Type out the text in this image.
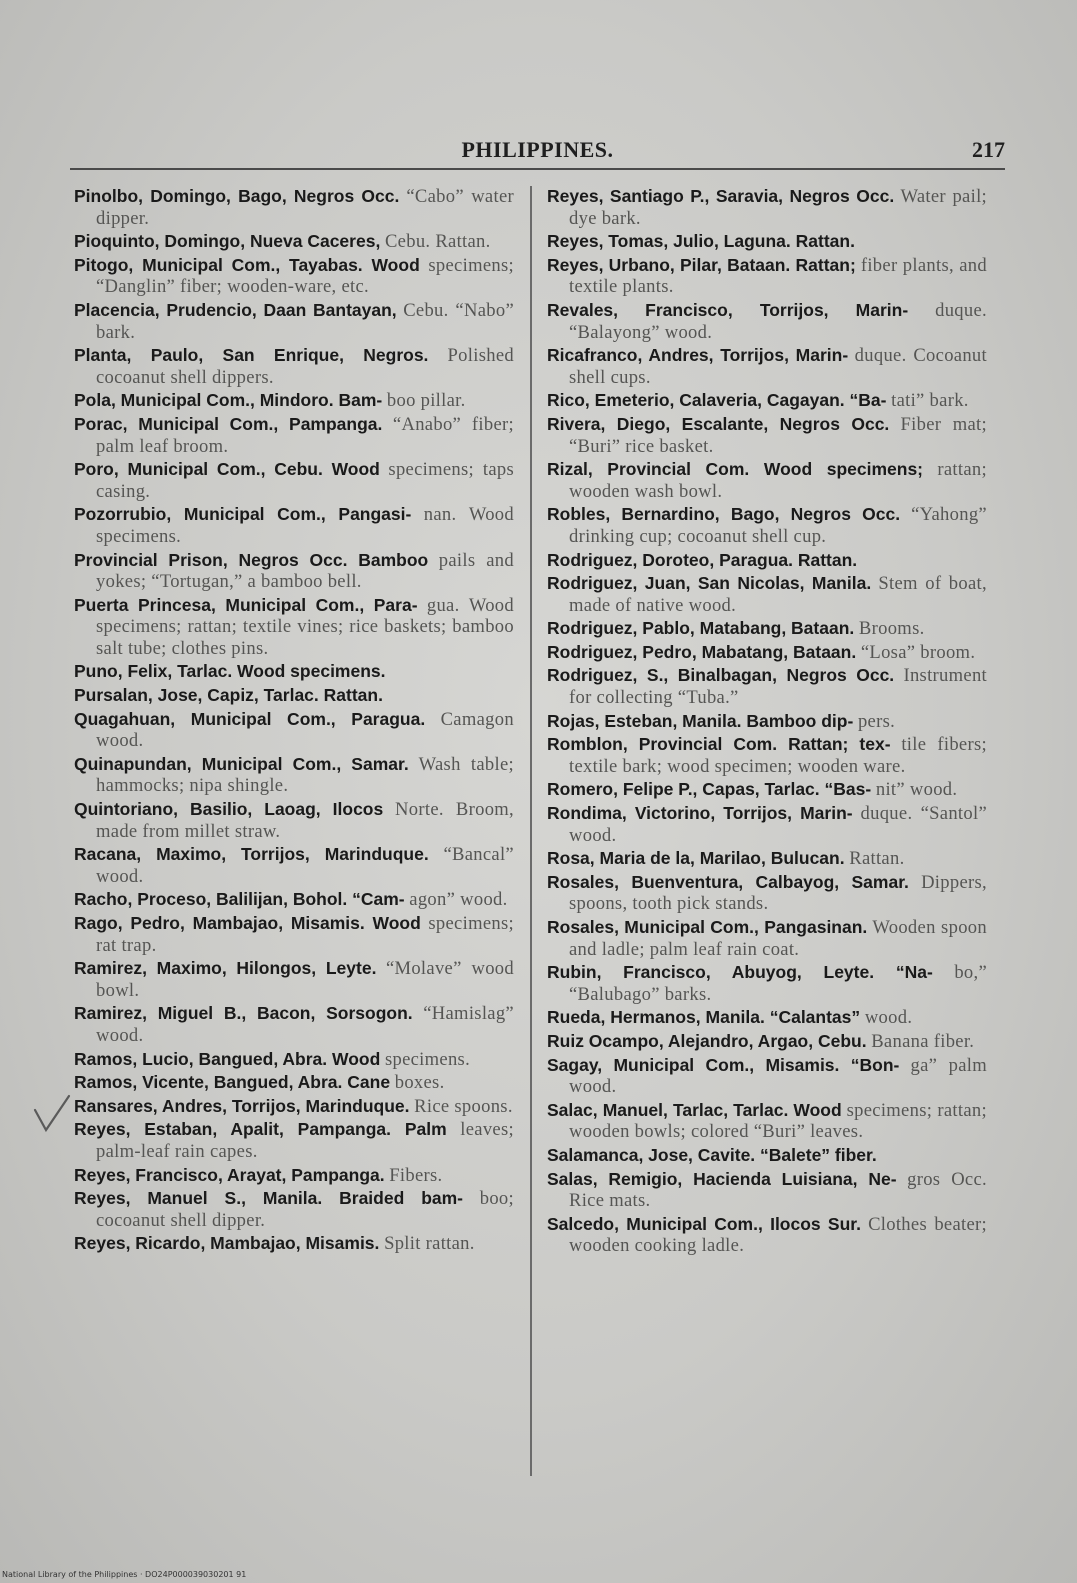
PHILIPPINES.	217

Pinolbo, Domingo, Bago, Negros Occ. “Cabo” water dipper.

Pioquinto, Domingo, Nueva Caceres, Cebu. Rattan.

Pitogo, Municipal Com., Tayabas. Wood specimens; “Danglin” fiber; wooden-ware, etc.

Placencia, Prudencio, Daan Bantayan, Cebu. “Nabo” bark.

Planta, Paulo, San Enrique, Negros. Polished cocoanut shell dippers.

Pola, Municipal Com., Mindoro. Bam- boo pillar.

Porac, Municipal Com., Pampanga. “Anabo” fiber; palm leaf broom.

Poro, Municipal Com., Cebu. Wood specimens; taps casing.

Pozorrubio, Municipal Com., Pangasi- nan. Wood specimens.

Provincial Prison, Negros Occ. Bamboo pails and yokes; “Tortugan,” a bamboo bell.

Puerta Princesa, Municipal Com., Para- gua. Wood specimens; rattan; textile vines; rice baskets; bamboo salt tube; clothes pins.

Puno, Felix, Tarlac. Wood specimens.

Pursalan, Jose, Capiz, Tarlac. Rattan.

Quagahuan, Municipal Com., Paragua. Camagon wood.

Quinapundan, Municipal Com., Samar. Wash table; hammocks; nipa shingle.

Quintoriano, Basilio, Laoag, Ilocos Norte. Broom, made from millet straw.

Racana, Maximo, Torrijos, Marinduque. “Bancal” wood.

Racho, Proceso, Balilijan, Bohol. “Cam- agon” wood.

Rago, Pedro, Mambajao, Misamis. Wood specimens; rat trap.

Ramirez, Maximo, Hilongos, Leyte. “Molave” wood bowl.

Ramirez, Miguel B., Bacon, Sorsogon. “Hamislag” wood.

Ramos, Lucio, Bangued, Abra. Wood specimens.

Ramos, Vicente, Bangued, Abra. Cane boxes.

Ransares, Andres, Torrijos, Marinduque. Rice spoons.

Reyes, Estaban, Apalit, Pampanga. Palm leaves; palm-leaf rain capes.

Reyes, Francisco, Arayat, Pampanga. Fibers.

Reyes, Manuel S., Manila. Braided bam- boo; cocoanut shell dipper.

Reyes, Ricardo, Mambajao, Misamis. Split rattan.

Reyes, Santiago P., Saravia, Negros Occ. Water pail; dye bark.

Reyes, Tomas, Julio, Laguna. Rattan.

Reyes, Urbano, Pilar, Bataan. Rattan; fiber plants, and textile plants.

Revales, Francisco, Torrijos, Marin- duque. “Balayong” wood.

Ricafranco, Andres, Torrijos, Marin- duque. Cocoanut shell cups.

Rico, Emeterio, Calaveria, Cagayan. “Ba- tati” bark.

Rivera, Diego, Escalante, Negros Occ. Fiber mat; “Buri” rice basket.

Rizal, Provincial Com. Wood specimens; rattan; wooden wash bowl.

Robles, Bernardino, Bago, Negros Occ. “Yahong” drinking cup; cocoanut shell cup.

Rodriguez, Doroteo, Paragua. Rattan.

Rodriguez, Juan, San Nicolas, Manila. Stem of boat, made of native wood.

Rodriguez, Pablo, Matabang, Bataan. Brooms.

Rodriguez, Pedro, Mabatang, Bataan. “Losa” broom.

Rodriguez, S., Binalbagan, Negros Occ. Instrument for collecting “Tuba.”

Rojas, Esteban, Manila. Bamboo dip- pers.

Romblon, Provincial Com. Rattan; tex- tile fibers; textile bark; wood specimen; wooden ware.

Romero, Felipe P., Capas, Tarlac. “Bas- nit” wood.

Rondima, Victorino, Torrijos, Marin- duque. “Santol” wood.

Rosa, Maria de la, Marilao, Bulucan. Rattan.

Rosales, Buenventura, Calbayog, Samar. Dippers, spoons, tooth pick stands.

Rosales, Municipal Com., Pangasinan. Wooden spoon and ladle; palm leaf rain coat.

Rubin, Francisco, Abuyog, Leyte. “Na- bo,” “Balubago” barks.

Rueda, Hermanos, Manila. “Calantas” wood.

Ruiz Ocampo, Alejandro, Argao, Cebu. Banana fiber.

Sagay, Municipal Com., Misamis. “Bon- ga” palm wood.

Salac, Manuel, Tarlac, Tarlac. Wood specimens; rattan; wooden bowls; colored “Buri” leaves.

Salamanca, Jose, Cavite. “Balete” fiber.

Salas, Remigio, Hacienda Luisiana, Ne- gros Occ. Rice mats.

Salcedo, Municipal Com., Ilocos Sur. Clothes beater; wooden cooking ladle.

National Library of the Philippines · DO24P000039030201 91
